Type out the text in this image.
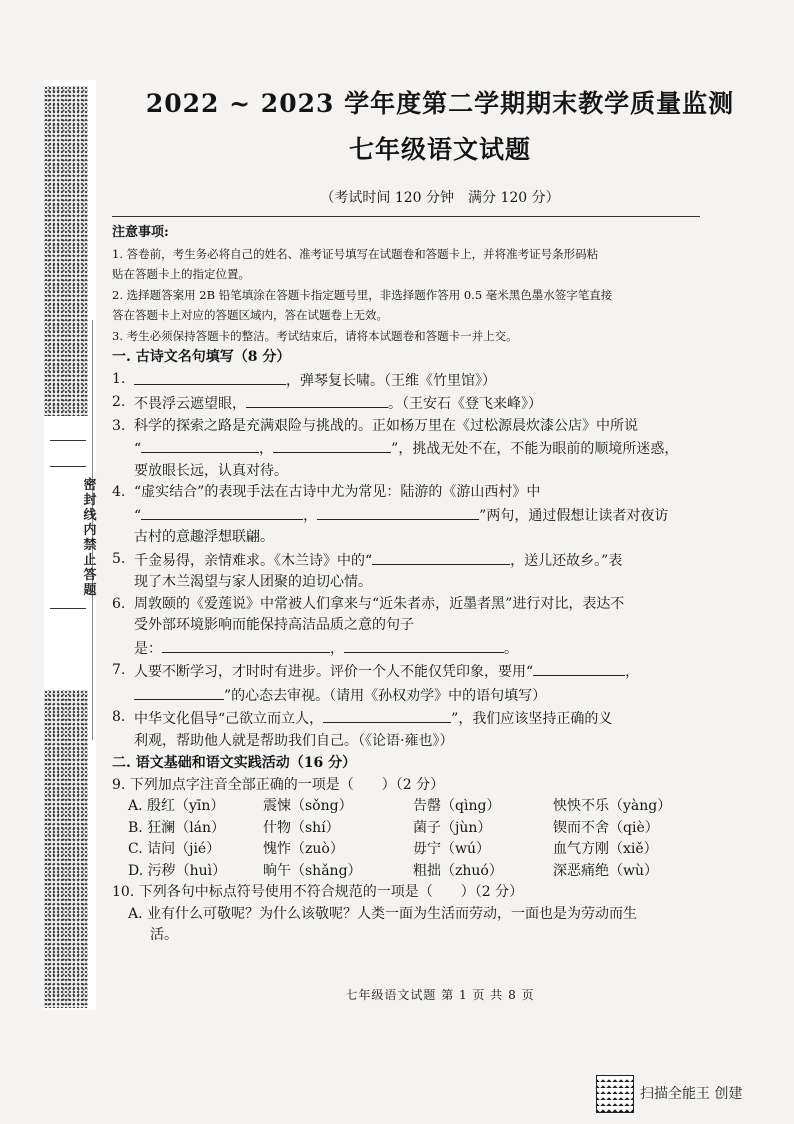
密封线内禁止答题
2022 ~ 2023 学年度第二学期期末教学质量监测
七年级语文试题
（考试时间 120 分钟　满分 120 分）
注意事项:

1. 答卷前，考生务必将自己的姓名、准考证号填写在试题卷和答题卡上，并将准考证号条形码粘

贴在答题卡上的指定位置。

2. 选择题答案用 2B 铅笔填涂在答题卡指定题号里，非选择题作答用 0.5 毫米黑色墨水签字笔直接

答在答题卡上对应的答题区域内，答在试题卷上无效。

3. 考生必须保持答题卡的整洁。考试结束后，请将本试题卷和答题卡一并上交。

一. 古诗文名句填写（8 分）
1.	，弹琴复长啸。（王维《竹里馆》）
2. 不畏浮云遮望眼，	。（王安石《登飞来峰》）
3. 科学的探索之路是充满艰险与挑战的。正如杨万里在《过松源晨炊漆公店》中所说
“	，	”，挑战无处不在，不能为眼前的顺境所迷惑，
要放眼长远，认真对待。
4. “虚实结合”的表现手法在古诗中尤为常见：陆游的《游山西村》中
“	，	”两句，通过假想让读者对夜访
古村的意趣浮想联翩。
5. 千金易得，亲情难求。《木兰诗》中的“	，送儿还故乡。”表
现了木兰渴望与家人团聚的迫切心情。
6. 周敦颐的《爱莲说》中常被人们拿来与“近朱者赤，近墨者黑”进行对比，表达不
受外部环境影响而能保持高洁品质之意的句子
是：	，	。
7. 人要不断学习，才时时有进步。评价一个人不能仅凭印象，要用“	，
”的心态去审视。（请用《孙权劝学》中的语句填写）
8. 中华文化倡导“己欲立而立人，	”，我们应该坚持正确的义
利观，帮助他人就是帮助我们自己。（《论语·雍也》）
二. 语文基础和语文实践活动（16 分）
9. 下列加点字注音全部正确的一项是（　　）（2 分）
A. 殷红（yīn）	震悚（sǒng）	告罄（qìng）	怏怏不乐（yàng）
B. 狂澜（lán）	什物（shí）	菌子（jùn）	锲而不舍（qiè）
C. 诘问（jié）	愧怍（zuò）	毋宁（wú）	血气方刚（xiě）
D. 污秽（huì）	晌午（shǎng）	粗拙（zhuó）	深恶痛绝（wù）
10. 下列各句中标点符号使用不符合规范的一项是（　　）（2 分）
A. 业有什么可敬呢？为什么该敬呢？人类一面为生活而劳动，一面也是为劳动而生
活。
七年级语文试题 第 1 页 共 8 页
扫描全能王 创建
